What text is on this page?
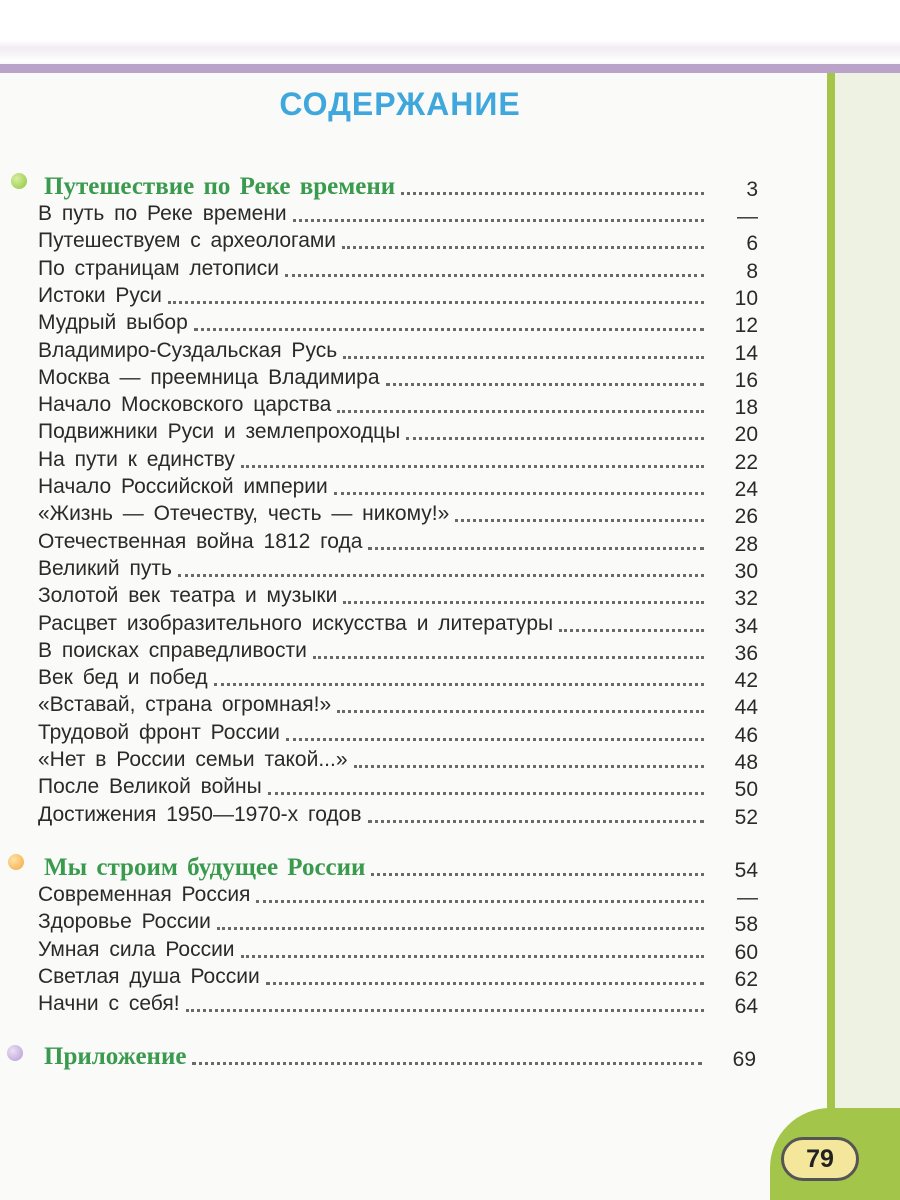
79
СОДЕРЖАНИЕ
Путешествие по Реке времени	3
В путь по Реке времени	—
Путешествуем с археологами	6
По страницам летописи	8
Истоки Руси	10
Мудрый выбор	12
Владимиро-Суздальская Русь	14
Москва — преемница Владимира	16
Начало Московского царства	18
Подвижники Руси и землепроходцы	20
На пути к единству	22
Начало Российской империи	24
«Жизнь — Отечеству, честь — никому!»	26
Отечественная война 1812 года	28
Великий путь	30
Золотой век театра и музыки	32
Расцвет изобразительного искусства и литературы	34
В поисках справедливости	36
Век бед и побед	42
«Вставай, страна огромная!»	44
Трудовой фронт России	46
«Нет в России семьи такой...»	48
После Великой войны	50
Достижения 1950—1970-х годов	52
Мы строим будущее России	54
Современная Россия	—
Здоровье России	58
Умная сила России	60
Светлая душа России	62
Начни с себя!	64
Приложение	69
